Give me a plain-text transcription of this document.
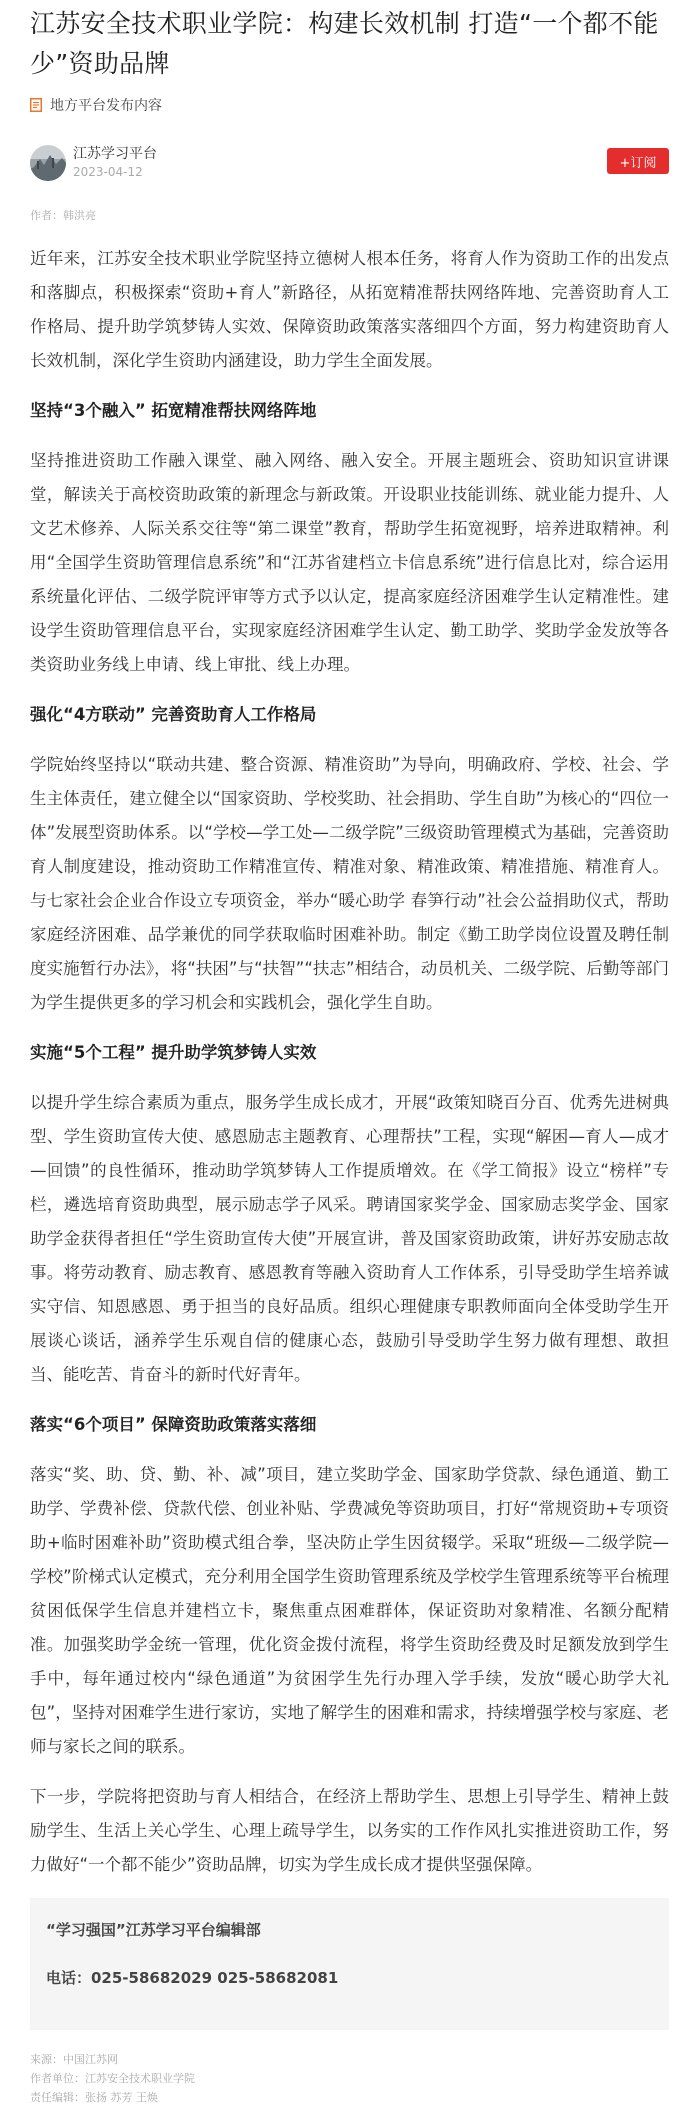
江苏安全技术职业学院：构建长效机制 打造“一个都不能少”资助品牌
地方平台发布内容
江苏学习平台
2023-04-12
+订阅
作者：韩洪亮

近年来，江苏安全技术职业学院坚持立德树人根本任务，将育人作为资助工作的出发点和落脚点，积极探索“资助+育人”新路径，从拓宽精准帮扶网络阵地、完善资助育人工作格局、提升助学筑梦铸人实效、保障资助政策落实落细四个方面，努力构建资助育人长效机制，深化学生资助内涵建设，助力学生全面发展。

坚持“3个融入” 拓宽精准帮扶网络阵地

坚持推进资助工作融入课堂、融入网络、融入安全。开展主题班会、资助知识宣讲课堂，解读关于高校资助政策的新理念与新政策。开设职业技能训练、就业能力提升、人文艺术修养、人际关系交往等“第二课堂”教育，帮助学生拓宽视野，培养进取精神。利用“全国学生资助管理信息系统”和“江苏省建档立卡信息系统”进行信息比对，综合运用系统量化评估、二级学院评审等方式予以认定，提高家庭经济困难学生认定精准性。建设学生资助管理信息平台，实现家庭经济困难学生认定、勤工助学、奖助学金发放等各类资助业务线上申请、线上审批、线上办理。

强化“4方联动” 完善资助育人工作格局

学院始终坚持以“联动共建、整合资源、精准资助”为导向，明确政府、学校、社会、学生主体责任，建立健全以“国家资助、学校奖助、社会捐助、学生自助”为核心的“四位一体”发展型资助体系。以“学校—学工处—二级学院”三级资助管理模式为基础，完善资助育人制度建设，推动资助工作精准宣传、精准对象、精准政策、精准措施、精准育人。与七家社会企业合作设立专项资金，举办“暖心助学 春笋行动”社会公益捐助仪式，帮助家庭经济困难、品学兼优的同学获取临时困难补助。制定《勤工助学岗位设置及聘任制度实施暂行办法》，将“扶困”与“扶智”“扶志”相结合，动员机关、二级学院、后勤等部门为学生提供更多的学习机会和实践机会，强化学生自助。

实施“5个工程” 提升助学筑梦铸人实效

以提升学生综合素质为重点，服务学生成长成才，开展“政策知晓百分百、优秀先进树典型、学生资助宣传大使、感恩励志主题教育、心理帮扶”工程，实现“解困—育人—成才—回馈”的良性循环，推动助学筑梦铸人工作提质增效。在《学工简报》设立“榜样”专栏，遴选培育资助典型，展示励志学子风采。聘请国家奖学金、国家励志奖学金、国家助学金获得者担任“学生资助宣传大使”开展宣讲，普及国家资助政策，讲好苏安励志故事。将劳动教育、励志教育、感恩教育等融入资助育人工作体系，引导受助学生培养诚实守信、知恩感恩、勇于担当的良好品质。组织心理健康专职教师面向全体受助学生开展谈心谈话，涵养学生乐观自信的健康心态，鼓励引导受助学生努力做有理想、敢担当、能吃苦、肯奋斗的新时代好青年。

落实“6个项目” 保障资助政策落实落细

落实“奖、助、贷、勤、补、减”项目，建立奖助学金、国家助学贷款、绿色通道、勤工助学、学费补偿、贷款代偿、创业补贴、学费减免等资助项目，打好“常规资助+专项资助+临时困难补助”资助模式组合拳，坚决防止学生因贫辍学。采取“班级—二级学院—学校”阶梯式认定模式，充分利用全国学生资助管理系统及学校学生管理系统等平台梳理贫困低保学生信息并建档立卡，聚焦重点困难群体，保证资助对象精准、名额分配精准。加强奖助学金统一管理，优化资金拨付流程，将学生资助经费及时足额发放到学生手中，每年通过校内“绿色通道”为贫困学生先行办理入学手续，发放“暖心助学大礼包”，坚持对困难学生进行家访，实地了解学生的困难和需求，持续增强学校与家庭、老师与家长之间的联系。

下一步，学院将把资助与育人相结合，在经济上帮助学生、思想上引导学生、精神上鼓励学生、生活上关心学生、心理上疏导学生，以务实的工作作风扎实推进资助工作，努力做好“一个都不能少”资助品牌，切实为学生成长成才提供坚强保障。

“学习强国”江苏学习平台编辑部
电话：025-58682029 025-58682081
来源：中国江苏网
作者单位：江苏安全技术职业学院
责任编辑：张扬 苏芳 王焕
